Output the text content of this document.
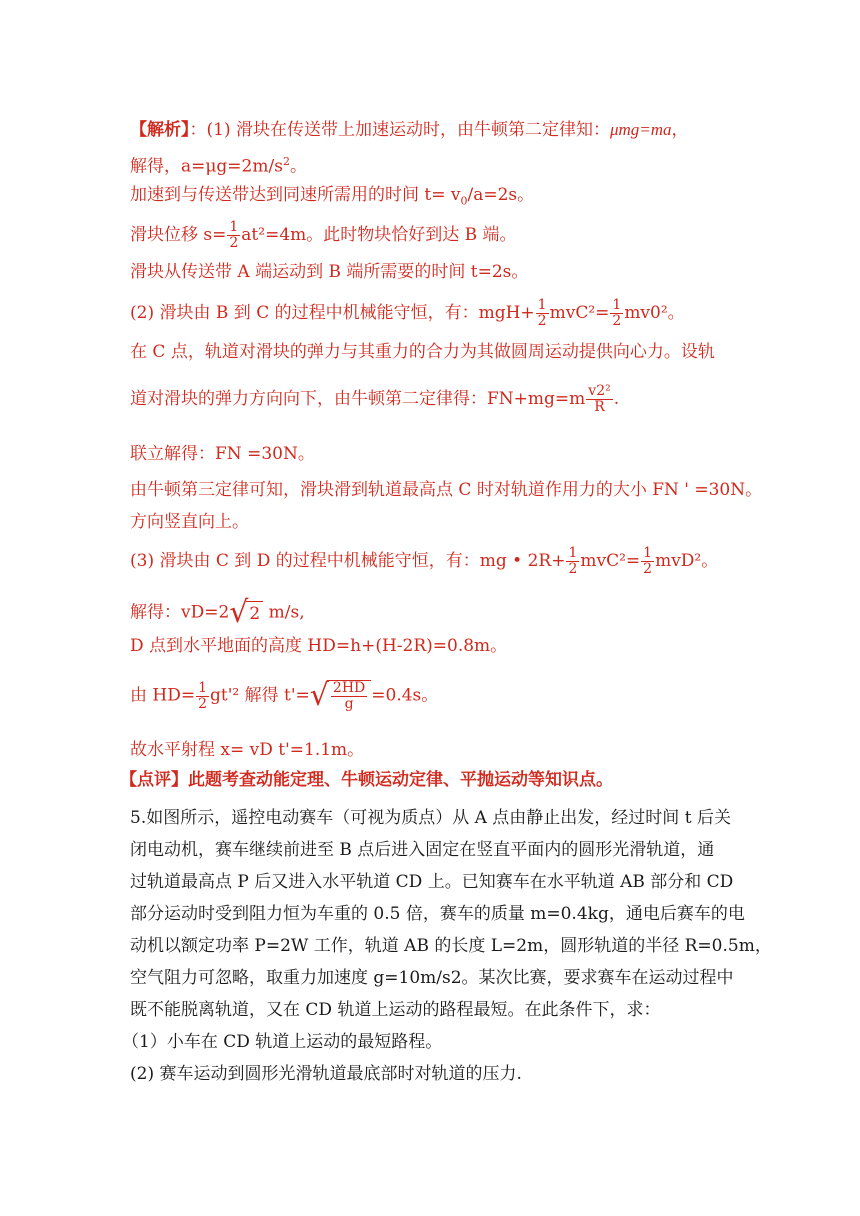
【解析】：(1) 滑块在传送带上加速运动时，由牛顿第二定律知：μmg=ma，
解得，$a=\mu g=2m/s^2$。
加速到与传送带达到同速所需用的时间 $t= v_0/a=2s$。
滑块位移 $s= \frac{1}{2} at^2=4m$。此时物块恰好到达 B 端。
滑块从传送带 A 端运动到 B 端所需要的时间 t=2s。
(2) 滑块由 B 到 C 的过程中机械能守恒，有：$mgH+ \frac{1}{2} mvC^2= \frac{1}{2} mv0^2$。
在 C 点，轨道对滑块的弹力与其重力的合力为其做圆周运动提供向心力。设轨
道对滑块的弹力方向向下，由牛顿第二定律得：$FN+mg=m \frac{\text{v2²}}{R}$ .
联立解得：FN =30N。
由牛顿第三定律可知，滑块滑到轨道最高点 C 时对轨道作用力的大小 FN ' =30N。
方向竖直向上。
(3) 滑块由 C 到 D 的过程中机械能守恒，有：mg • $2R+ \frac{1}{2} mvC^2= \frac{1}{2} mvD^2$。
解得：vD=2√2 m/s,
D 点到水平地面的高度 HD=h+(H-2R)=0.8m。
由 $HD= \frac{1}{2} gt'^2$ 解得 $t'=√ \frac{2HD}{g} =0.4s$。
故水平射程 x= vD t'=1.1m。
【点评】此题考查动能定理、牛顿运动定律、平抛运动等知识点。
5.如图所示，遥控电动赛车（可视为质点）从 A 点由静止出发，经过时间 t 后关
闭电动机，赛车继续前进至 B 点后进入固定在竖直平面内的圆形光滑轨道，通
过轨道最高点 P 后又进入水平轨道 CD 上。已知赛车在水平轨道 AB 部分和 CD
部分运动时受到阻力恒为车重的 0.5 倍，赛车的质量 m=0.4kg，通电后赛车的电
动机以额定功率 P=2W 工作，轨道 AB 的长度 L=2m，圆形轨道的半径 R=0.5m，
空气阻力可忽略，取重力加速度 g=10m/s2。某次比赛，要求赛车在运动过程中
既不能脱离轨道，又在 CD 轨道上运动的路程最短。在此条件下，求：
（1）小车在 CD 轨道上运动的最短路程。
(2) 赛车运动到圆形光滑轨道最底部时对轨道的压力.
